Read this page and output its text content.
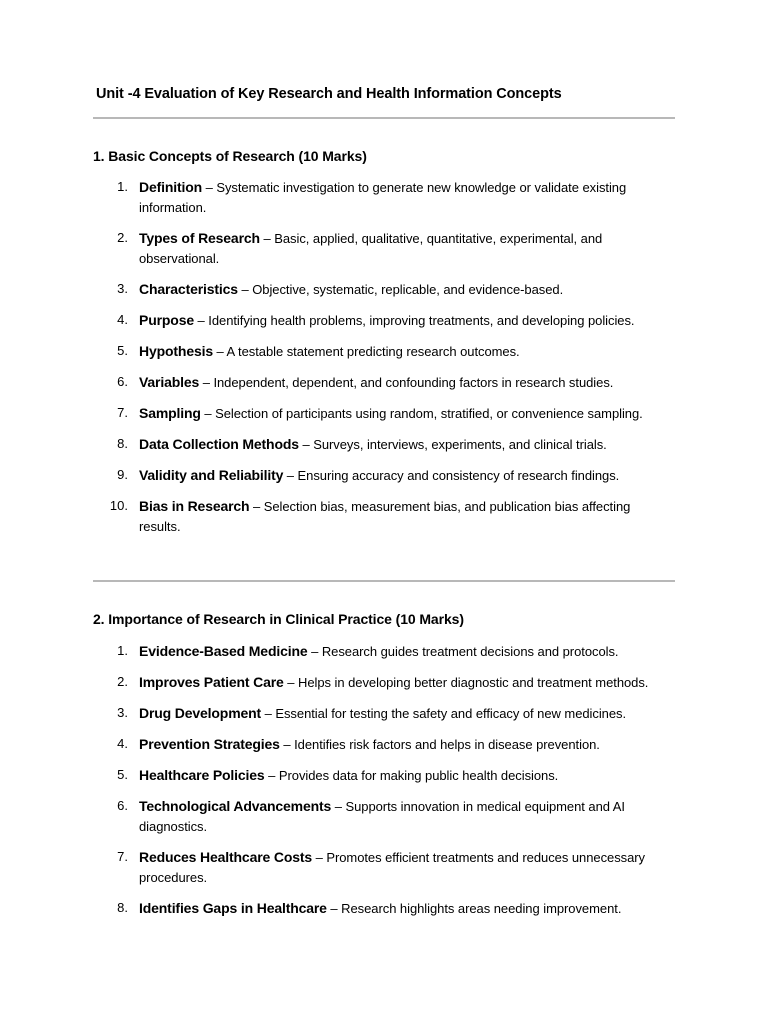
Unit -4 Evaluation of Key Research and Health Information Concepts
1. Basic Concepts of Research (10 Marks)
1. Definition – Systematic investigation to generate new knowledge or validate existing information.
2. Types of Research – Basic, applied, qualitative, quantitative, experimental, and observational.
3. Characteristics – Objective, systematic, replicable, and evidence-based.
4. Purpose – Identifying health problems, improving treatments, and developing policies.
5. Hypothesis – A testable statement predicting research outcomes.
6. Variables – Independent, dependent, and confounding factors in research studies.
7. Sampling – Selection of participants using random, stratified, or convenience sampling.
8. Data Collection Methods – Surveys, interviews, experiments, and clinical trials.
9. Validity and Reliability – Ensuring accuracy and consistency of research findings.
10. Bias in Research – Selection bias, measurement bias, and publication bias affecting results.
2. Importance of Research in Clinical Practice (10 Marks)
1. Evidence-Based Medicine – Research guides treatment decisions and protocols.
2. Improves Patient Care – Helps in developing better diagnostic and treatment methods.
3. Drug Development – Essential for testing the safety and efficacy of new medicines.
4. Prevention Strategies – Identifies risk factors and helps in disease prevention.
5. Healthcare Policies – Provides data for making public health decisions.
6. Technological Advancements – Supports innovation in medical equipment and AI diagnostics.
7. Reduces Healthcare Costs – Promotes efficient treatments and reduces unnecessary procedures.
8. Identifies Gaps in Healthcare – Research highlights areas needing improvement.
